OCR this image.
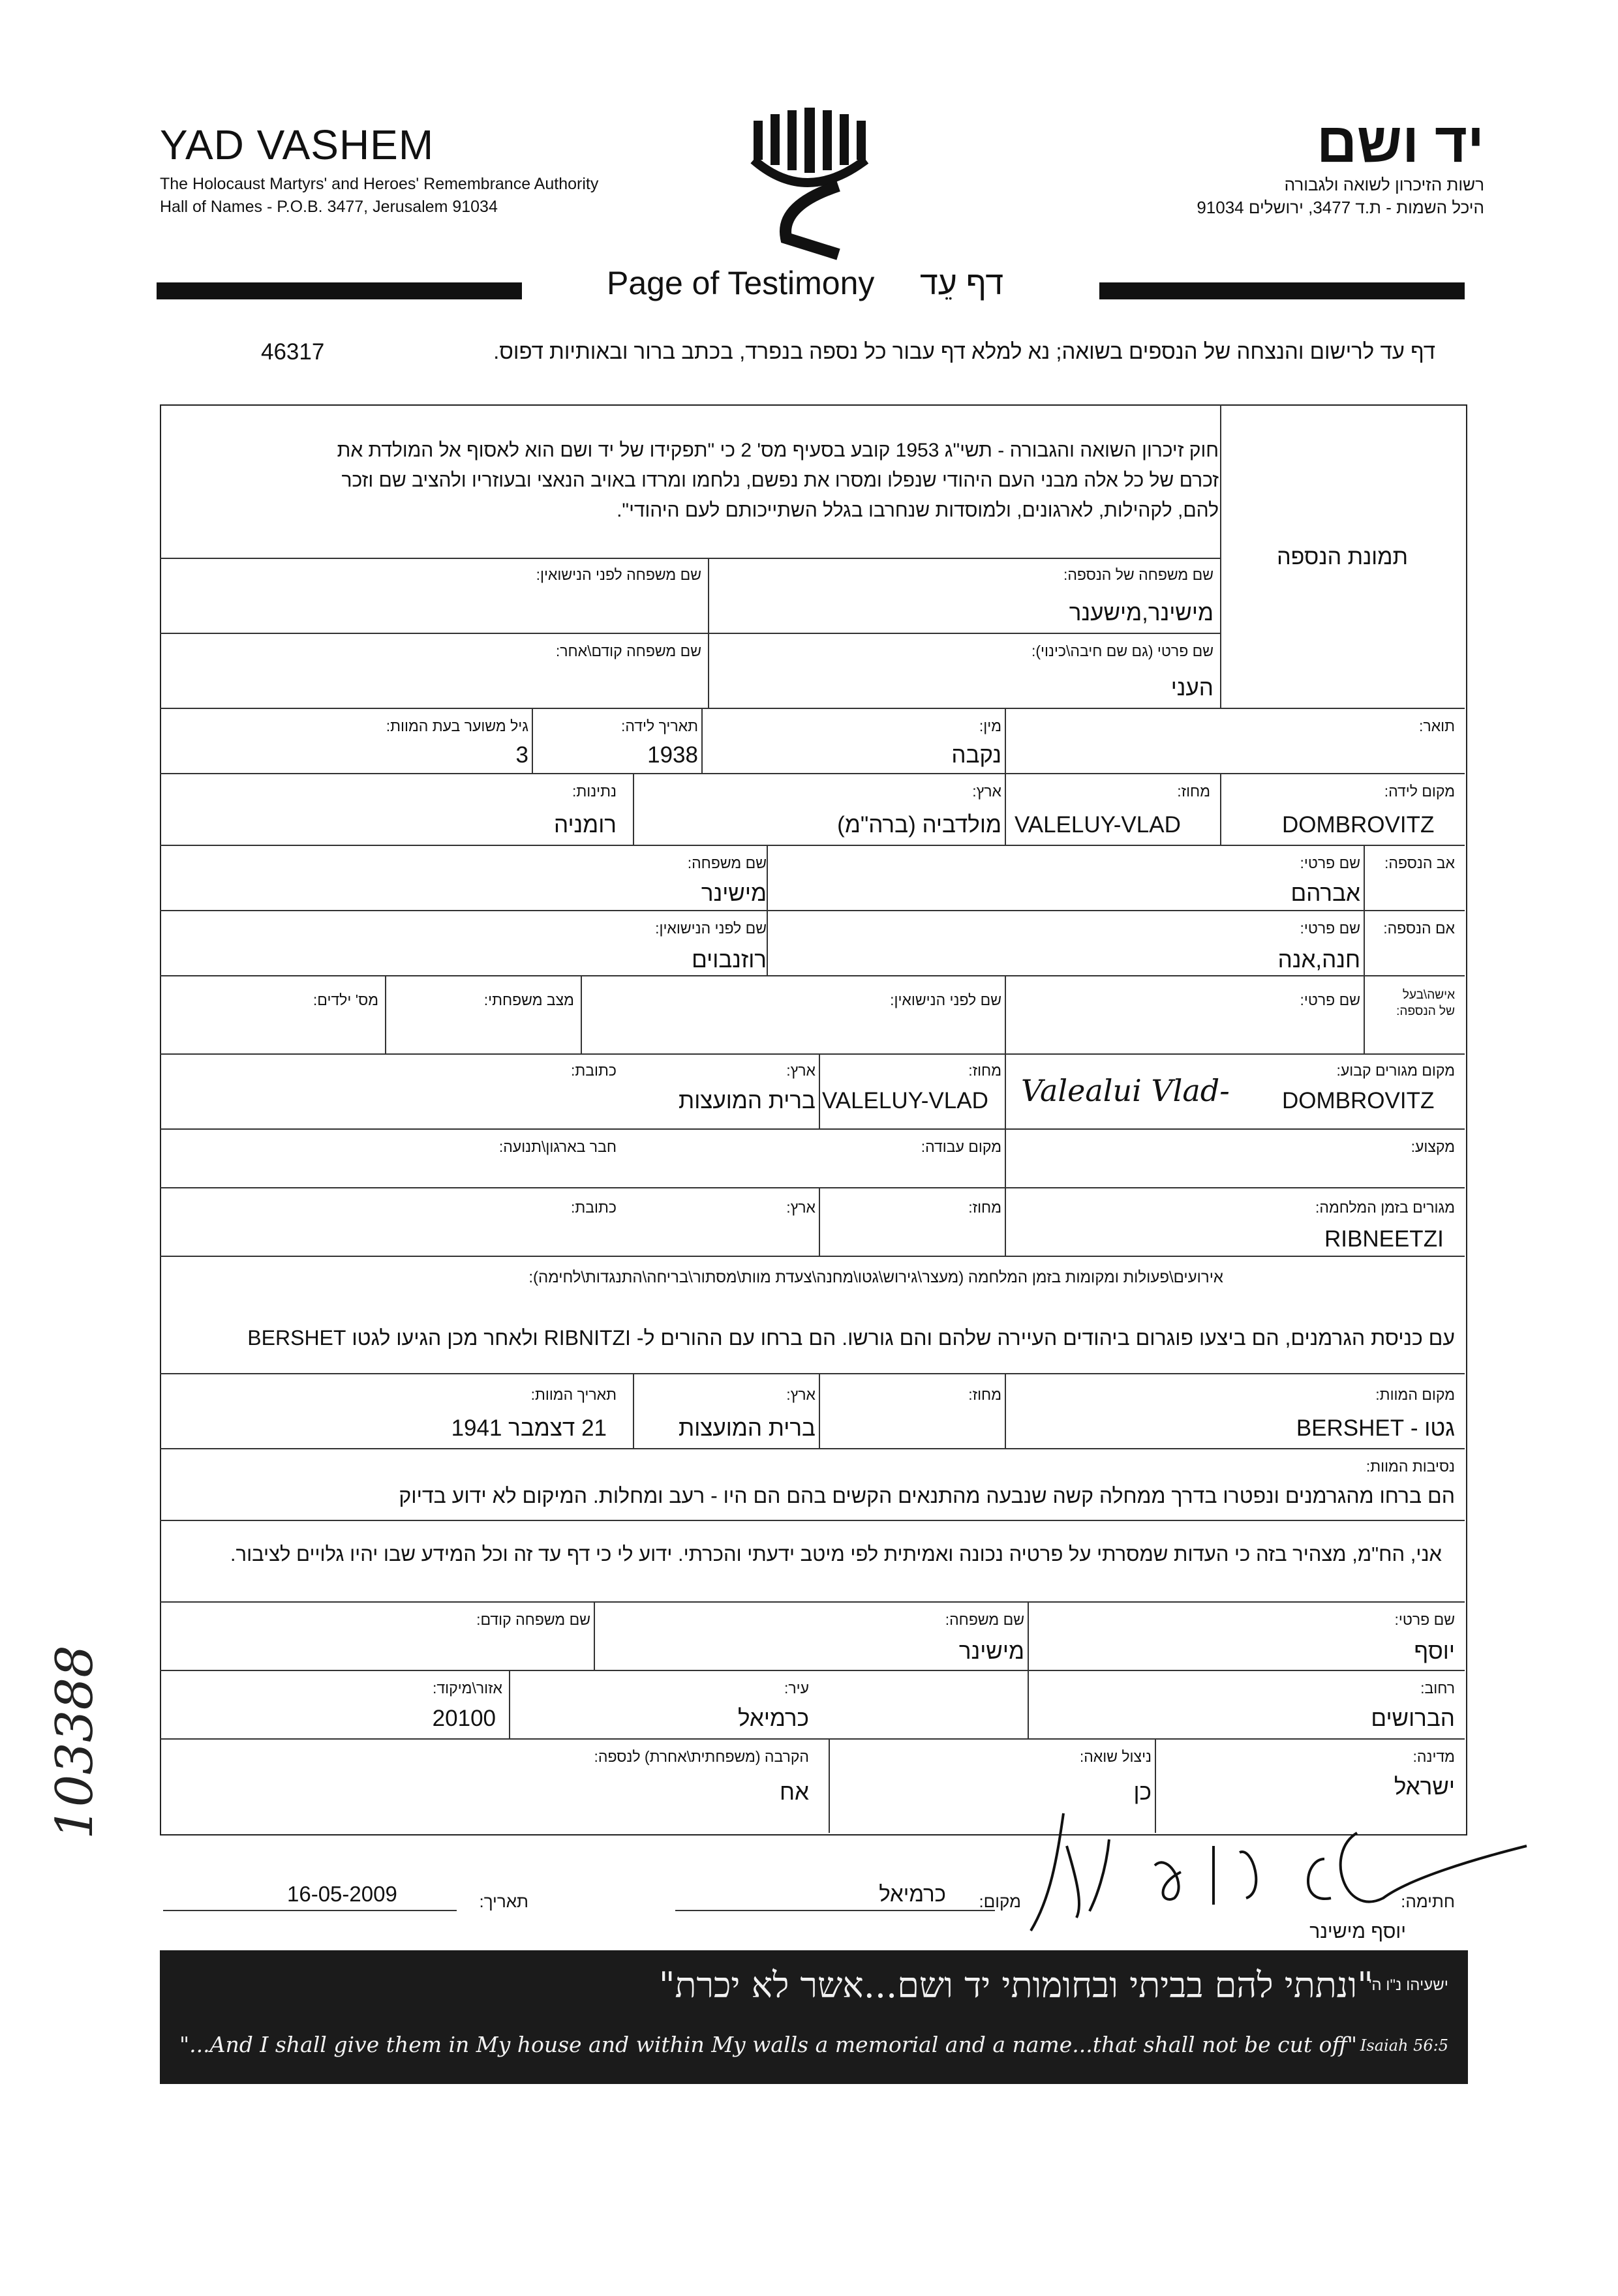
YAD VASHEM
The Holocaust Martyrs' and Heroes' Remembrance Authority
Hall of Names - P.O.B. 3477, Jerusalem 91034
יד ושם
רשות הזיכרון לשואה ולגבורה
היכל השמות - ת.ד 3477, ירושלים 91034
Page of Testimony דף עֵד
דף עד לרישום והנצחה של הנספים בשואה; נא למלא דף עבור כל נספה בנפרד, בכתב ברור ובאותיות דפוס.
46317
חוק זיכרון השואה והגבורה - תשי"ג 1953 קובע בסעיף מס' 2 כי "תפקידו של יד ושם הוא לאסוף אל המולדת את זכרם של כל אלה מבני העם היהודי שנפלו ומסרו את נפשם, נלחמו ומרדו באויב הנאצי ובעוזריו ולהציב שם וזכר להם, לקהילות, לארגונים, ולמוסדות שנחרבו בגלל השתייכותם לעם היהודי".
תמונת הנספה
שם משפחה של הנספה:
מישינר,מישענר
שם משפחה לפני הנישואין:
שם פרטי (גם שם חיבה\כינוי):
העני
שם משפחה קודם\אחר:
תואר:
מין:
נקבה
תאריך לידה:
1938
גיל משוער בעת המוות:
3
מקום לידה:
DOMBROVITZ
מחוז:
VALELUY-VLAD
ארץ:
מולדביה (ברה"מ)
נתינות:
רומניה
אב הנספה:
שם פרטי:
אברהם
שם משפחה:
מישינר
אם הנספה:
שם פרטי:
חנה,אנה
שם לפני הנישואין:
רוזנבוים
אישה\בעל
של הנספה:
שם פרטי:
שם לפני הנישואין:
מצב משפחתי:
מס' ילדים:
מקום מגורים קבוע:
DOMBROVITZ
Valealui Vlad-
מחוז:
VALELUY-VLAD
ארץ:
ברית המועצות
כתובת:
מקצוע:
מקום עבודה:
חבר בארגון\תנועה:
מגורים בזמן המלחמה:
RIBNEETZI
מחוז:
ארץ:
כתובת:
אירועים\פעולות ומקומות בזמן המלחמה (מעצר\גירוש\גטו\מחנה\צעדת מוות\מסתור\בריחה\התנגדות\לחימה):
עם כניסת הגרמנים, הם ביצעו פוגרום ביהודים העיירה שלהם והם גורשו. הם ברחו עם ההורים ל- RIBNITZI ולאחר מכן הגיעו לגטו BERSHET
מקום המוות:
גטו - BERSHET
מחוז:
ארץ:
ברית המועצות
תאריך המוות:
21 דצמבר 1941
נסיבות המוות:
הם ברחו מהגרמנים ונפטרו בדרך ממחלה קשה שנבעה מהתנאים הקשים בהם הם היו - רעב ומחלות. המיקום לא ידוע בדיוק
אני, הח"מ, מצהיר בזה כי העדות שמסרתי על פרטיה נכונה ואמיתית לפי מיטב ידעתי והכרתי. ידוע לי כי דף עד זה וכל המידע שבו יהיו גלויים לציבור.
שם פרטי:
יוסף
שם משפחה:
מישינר
שם משפחה קודם:
רחוב:
הברושים
עיר:
כרמיאל
אזור\מיקוד:
20100
מדינה:
ישראל
ניצול שואה:
כן
הקרבה (משפחתית\אחרת) לנספה:
אח
חתימה:
כרמיאל מקום:
16-05-2009	תאריך:
יוסף מישינר
"ונתתי להם בביתי ובחומותי יד ושם...אשר לא יכרת"
ישעיהו נ"ו ה'
"...And I shall give them in My house and within My walls a memorial and a name...that shall not be cut off" Isaiah 56:5
103388
